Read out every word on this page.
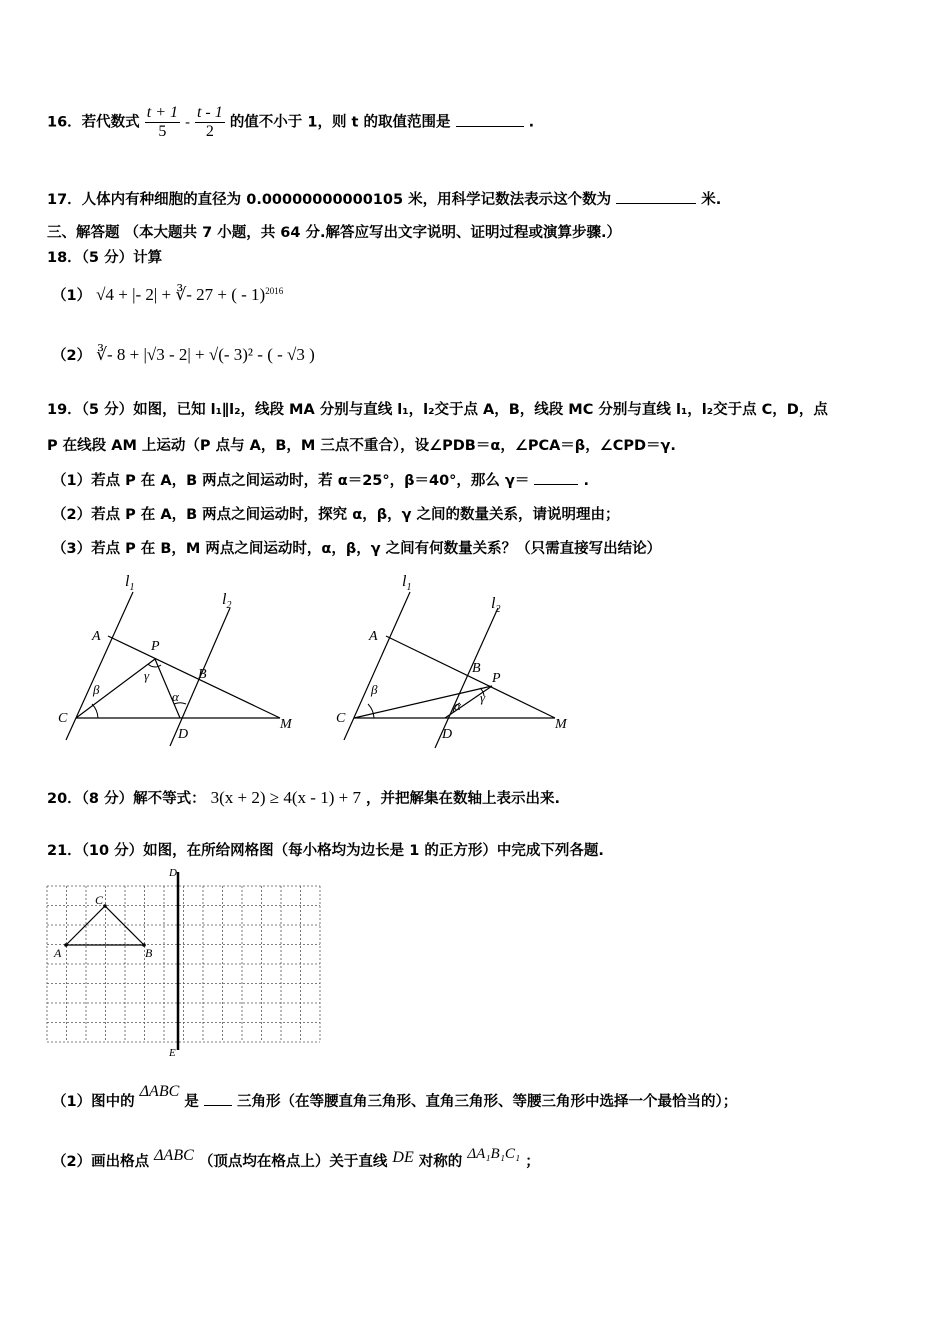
16．若代数式 $\frac{t + 1}{5} - \frac{t - 1}{2}$ 的值不小于 1，则 t 的取值范围是	.
17．人体内有种细胞的直径为 0.00000000000105 米，用科学记数法表示这个数为	米.
三、解答题 （本大题共 7 小题，共 64 分.解答应写出文字说明、证明过程或演算步骤.）
18．（5 分）计算
（1） √4 + |- 2| + ∛- 27 + ( - 1)$^{2016}$
（2） ∛- 8 + |√3 - 2| + √(- 3)² - ( - √3 )
19．（5 分）如图，已知 l₁∥l₂，线段 MA 分别与直线 l₁，l₂交于点 A，B，线段 MC 分别与直线 l₁，l₂交于点 C，D，点
P 在线段 AM 上运动（P 点与 A，B，M 三点不重合），设∠PDB＝α，∠PCA＝β，∠CPD＝γ.
（1）若点 P 在 A，B 两点之间运动时，若 α＝25°，β＝40°，那么 γ＝	.
（2）若点 P 在 A，B 两点之间运动时，探究 α，β，γ 之间的数量关系，请说明理由；
（3）若点 P 在 B，M 两点之间运动时，α，β，γ 之间有何数量关系？（只需直接写出结论）
$l_1$
$l_2$
A
P
B
C
D
M
β
γ
α
$l_1$
$l_2$
A
B
P
C
D
M
β
γ
α
20．（8 分）解不等式： 3(x + 2) ≥ 4(x - 1) + 7 ，并把解集在数轴上表示出来.
21．（10 分）如图，在所给网格图（每小格均为边长是 1 的正方形）中完成下列各题.
D
E
C
A	B
（1）图中的 ΔABC 是	三角形（在等腰直角三角形、直角三角形、等腰三角形中选择一个最恰当的）；
（2）画出格点 ΔABC （顶点均在格点上）关于直线 DE 对称的 ΔA₁B₁C₁ ；
